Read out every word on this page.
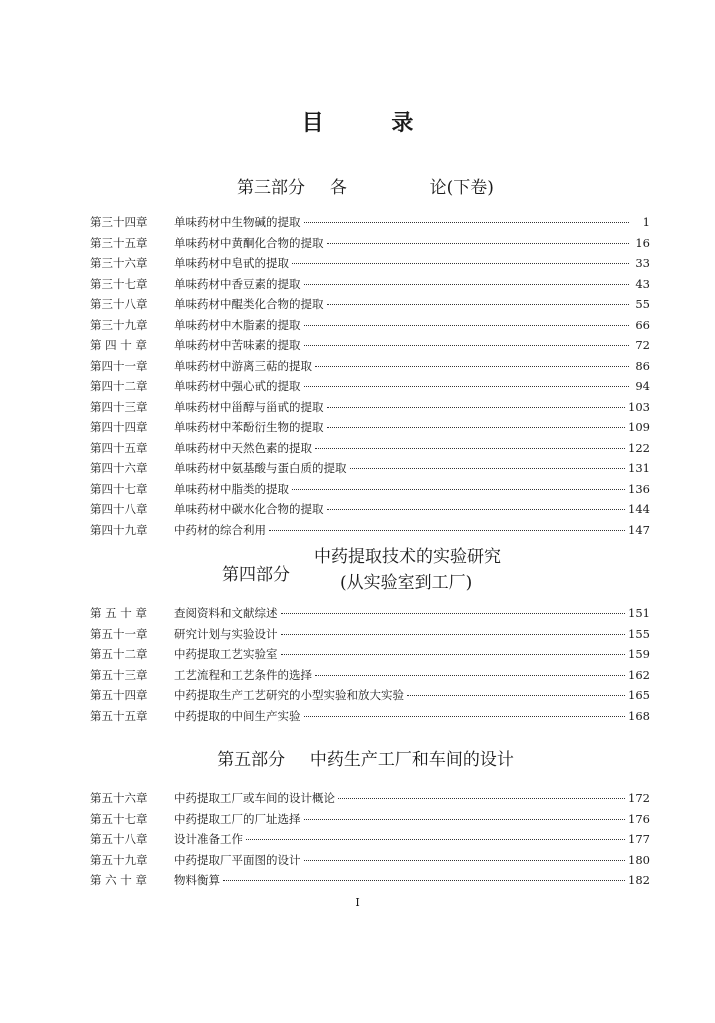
目 录
第三部分 各	论(下卷)
第三十四章	单味药材中生物碱的提取	1
第三十五章	单味药材中黄酮化合物的提取	16
第三十六章	单味药材中皂甙的提取	33
第三十七章	单味药材中香豆素的提取	43
第三十八章	单味药材中醌类化合物的提取	55
第三十九章	单味药材中木脂素的提取	66
第 四 十 章	单味药材中苦味素的提取	72
第四十一章	单味药材中游离三萜的提取	86
第四十二章	单味药材中强心甙的提取	94
第四十三章	单味药材中甾醇与甾甙的提取	103
第四十四章	单味药材中苯酚衍生物的提取	109
第四十五章	单味药材中天然色素的提取	122
第四十六章	单味药材中氨基酸与蛋白质的提取	131
第四十七章	单味药材中脂类的提取	136
第四十八章	单味药材中碳水化合物的提取	144
第四十九章	中药材的综合利用	147
第四部分
中药提取技术的实验研究
(从实验室到工厂)
第 五 十 章	查阅资料和文献综述	151
第五十一章	研究计划与实验设计	155
第五十二章	中药提取工艺实验室	159
第五十三章	工艺流程和工艺条件的选择	162
第五十四章	中药提取生产工艺研究的小型实验和放大实验	165
第五十五章	中药提取的中间生产实验	168
第五部分 中药生产工厂和车间的设计
第五十六章	中药提取工厂或车间的设计概论	172
第五十七章	中药提取工厂的厂址选择	176
第五十八章	设计准备工作	177
第五十九章	中药提取厂平面图的设计	180
第 六 十 章	物料衡算	182
I
